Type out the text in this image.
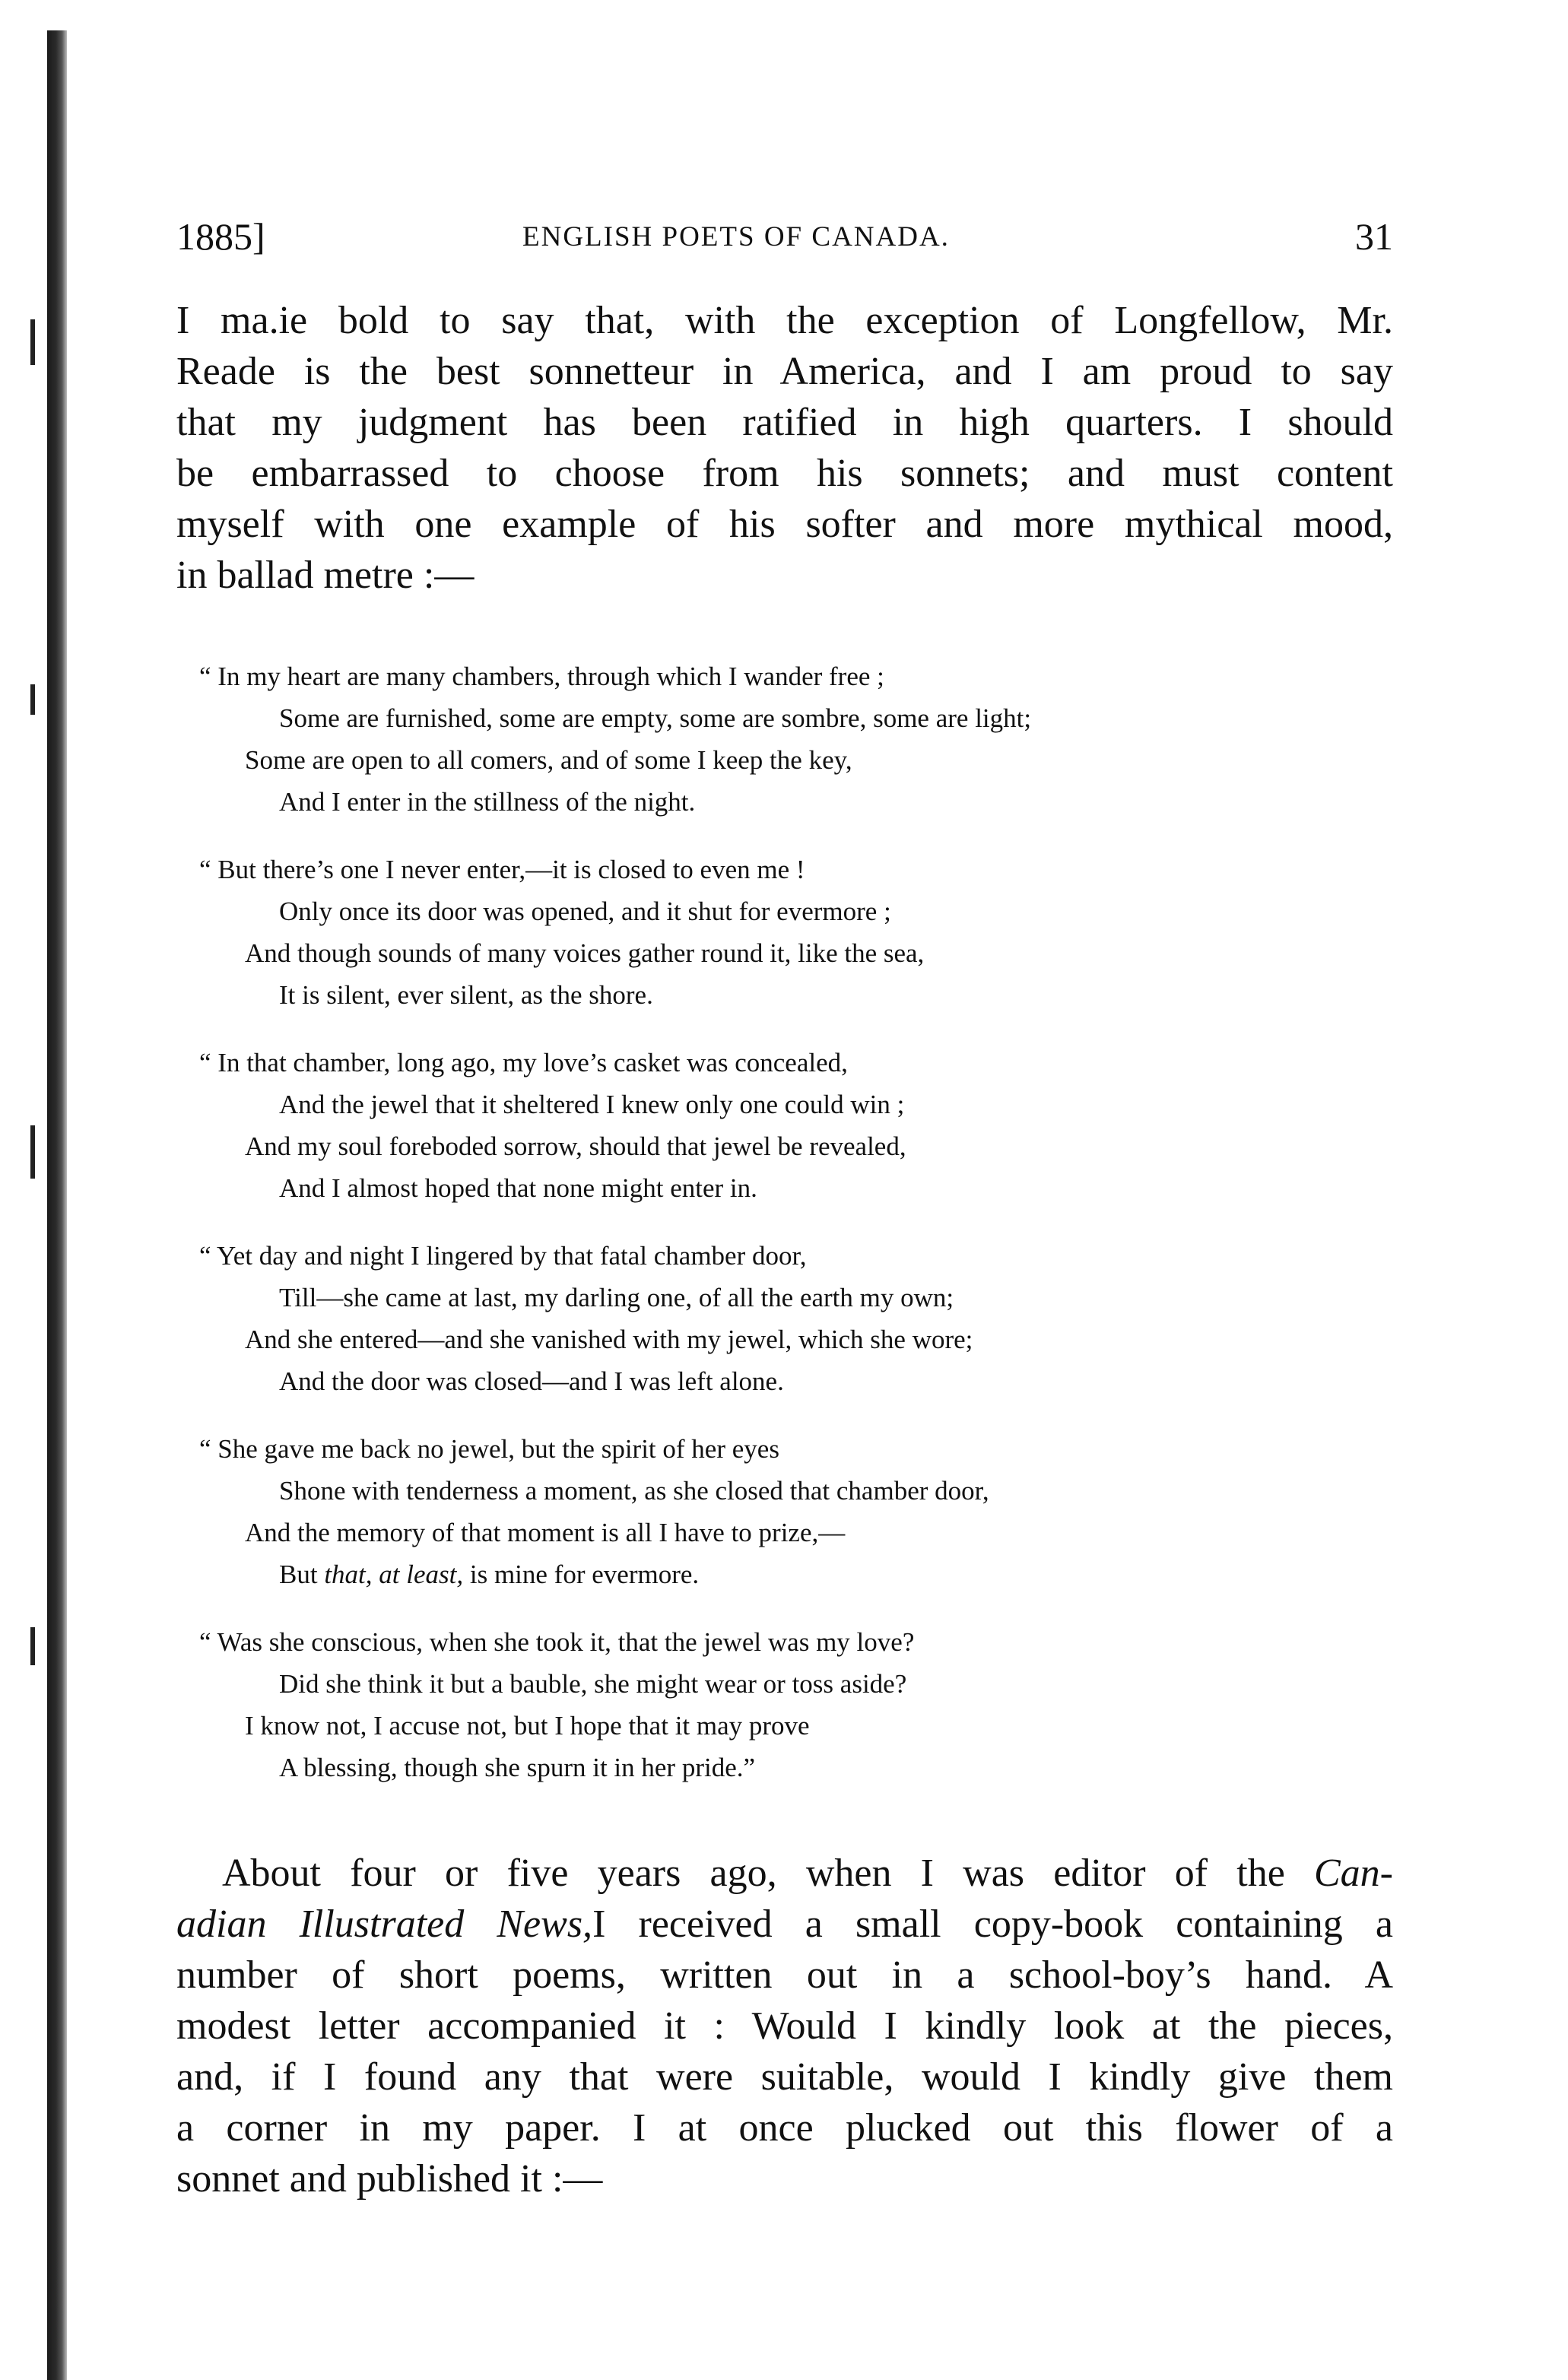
1885]	ENGLISH POETS OF CANADA.	31
I ma.ie bold to say that, with the exception of Longfellow, Mr.
Reade is the best sonnetteur in America, and I am proud to say
that my judgment has been ratified in high quarters. I should
be embarrassed to choose from his sonnets; and must content
myself with one example of his softer and more mythical mood,
in ballad metre :—
“ In my heart are many chambers, through which I wander free ;
Some are furnished, some are empty, some are sombre, some are light;
Some are open to all comers, and of some I keep the key,
And I enter in the stillness of the night.
“ But there’s one I never enter,—it is closed to even me !
Only once its door was opened, and it shut for evermore ;
And though sounds of many voices gather round it, like the sea,
It is silent, ever silent, as the shore.
“ In that chamber, long ago, my love’s casket was concealed,
And the jewel that it sheltered I knew only one could win ;
And my soul foreboded sorrow, should that jewel be revealed,
And I almost hoped that none might enter in.
“ Yet day and night I lingered by that fatal chamber door,
Till—she came at last, my darling one, of all the earth my own;
And she entered—and she vanished with my jewel, which she wore;
And the door was closed—and I was left alone.
“ She gave me back no jewel, but the spirit of her eyes
Shone with tenderness a moment, as she closed that chamber door,
And the memory of that moment is all I have to prize,—
But that, at least, is mine for evermore.
“ Was she conscious, when she took it, that the jewel was my love?
Did she think it but a bauble, she might wear or toss aside?
I know not, I accuse not, but I hope that it may prove
A blessing, though she spurn it in her pride.”
About four or five years ago, when I was editor of the Can-
adian Illustrated News,I received a small copy-book containing a
number of short poems, written out in a school-boy’s hand. A
modest letter accompanied it : Would I kindly look at the pieces,
and, if I found any that were suitable, would I kindly give them
a corner in my paper. I at once plucked out this flower of a
sonnet and published it :—
